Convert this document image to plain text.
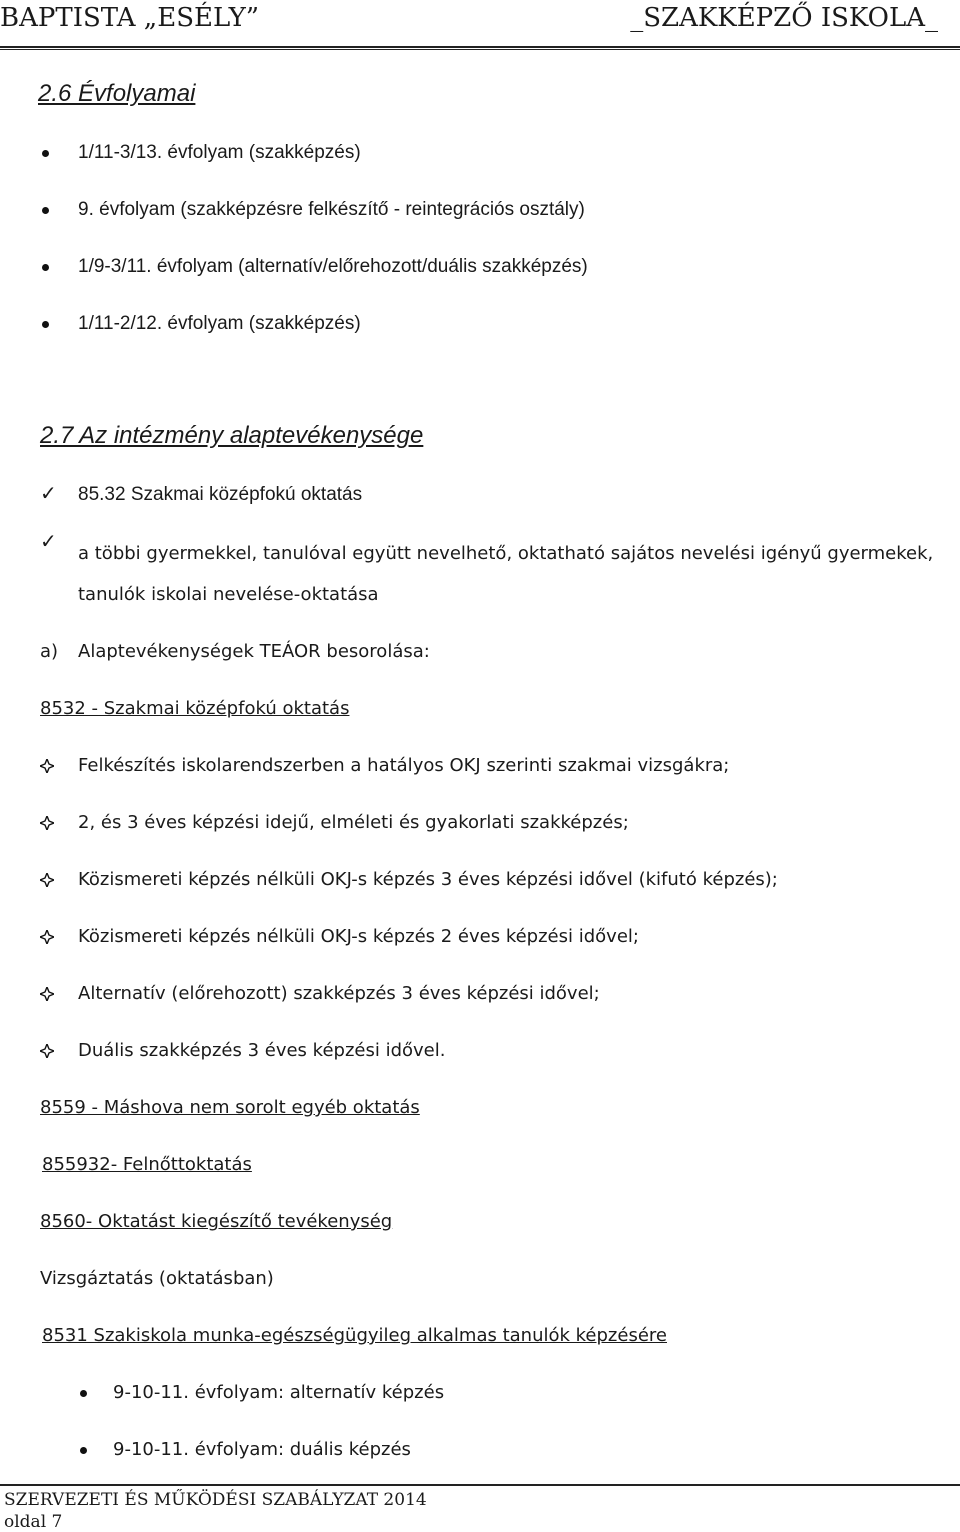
BAPTISTA „ESÉLY”	_SZAKKÉPZŐ ISKOLA_
2.6 Évfolyamai
1/11-3/13. évfolyam (szakképzés)
9. évfolyam (szakképzésre felkészítő - reintegrációs osztály)
1/9-3/11. évfolyam (alternatív/előrehozott/duális szakképzés)
1/11-2/12. évfolyam (szakképzés)
2.7 Az intézmény alaptevékenysége
✓ 85.32 Szakmai középfokú oktatás
✓
a többi gyermekkel, tanulóval együtt nevelhető, oktatható sajátos nevelési igényű gyermekek,
tanulók iskolai nevelése-oktatása
a) Alaptevékenységek TEÁOR besorolása:
8532 - Szakmai középfokú oktatás
Felkészítés iskolarendszerben a hatályos OKJ szerinti szakmai vizsgákra;
2, és 3 éves képzési idejű, elméleti és gyakorlati szakképzés;
Közismereti képzés nélküli OKJ-s képzés 3 éves képzési idővel (kifutó képzés);
Közismereti képzés nélküli OKJ-s képzés 2 éves képzési idővel;
Alternatív (előrehozott) szakképzés 3 éves képzési idővel;
Duális szakképzés 3 éves képzési idővel.
8559 - Máshova nem sorolt egyéb oktatás
855932- Felnőttoktatás
8560- Oktatást kiegészítő tevékenység
Vizsgáztatás (oktatásban)
8531 Szakiskola munka-egészségügyileg alkalmas tanulók képzésére
9-10-11. évfolyam: alternatív képzés
9-10-11. évfolyam: duális képzés
SZERVEZETI ÉS MŰKÖDÉSI SZABÁLYZAT 2014
oldal 7
